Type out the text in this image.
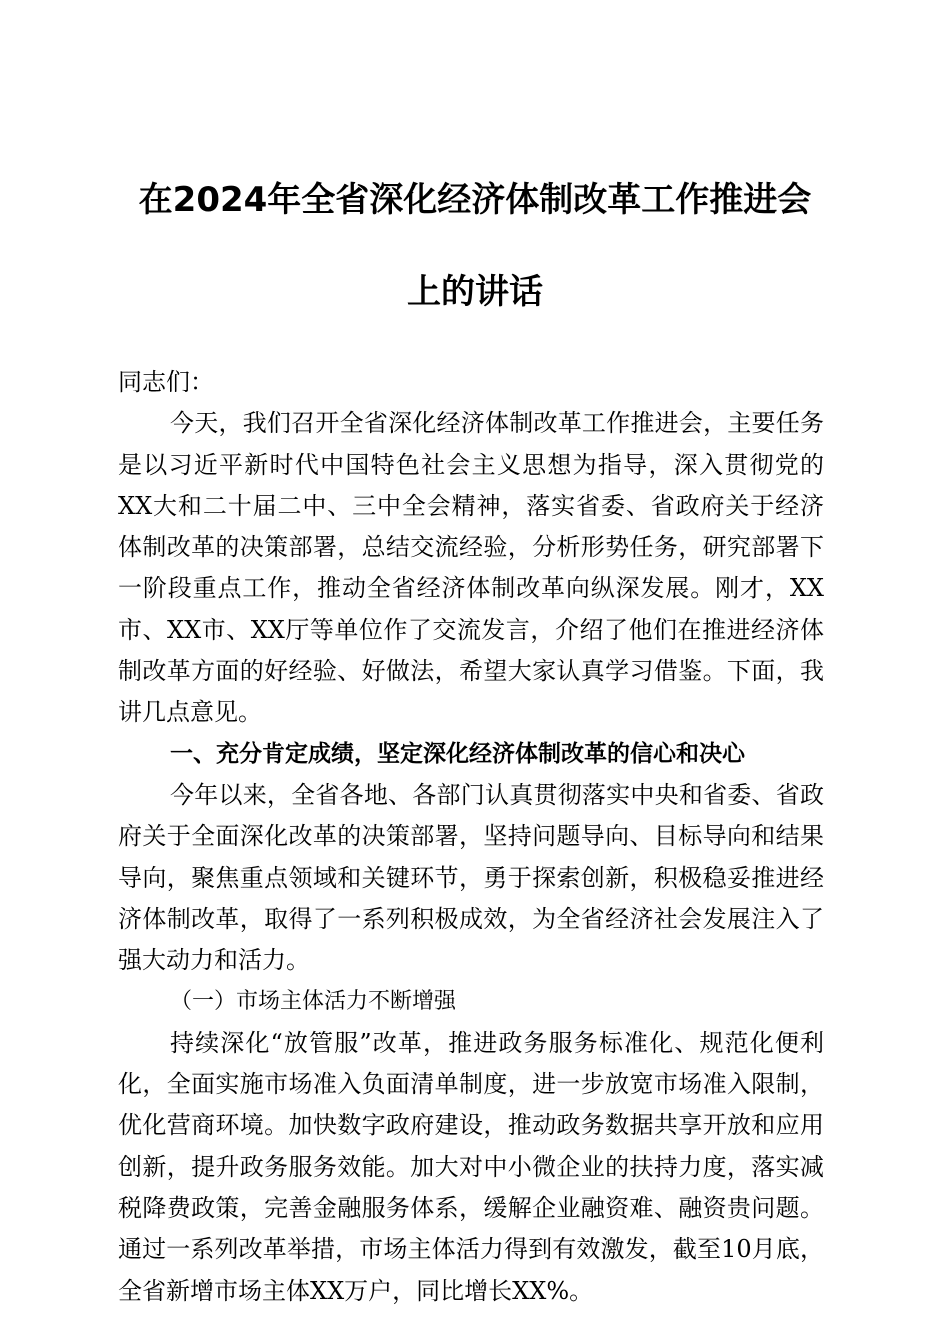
在2024年全省深化经济体制改革工作推进会
上的讲话

同志们：

今天，我们召开全省深化经济体制改革工作推进会，主要任务是以习近平新时代中国特色社会主义思想为指导，深入贯彻党的XX大和二十届二中、三中全会精神，落实省委、省政府关于经济体制改革的决策部署，总结交流经验，分析形势任务，研究部署下一阶段重点工作，推动全省经济体制改革向纵深发展。刚才，XX市、XX市、XX厅等单位作了交流发言，介绍了他们在推进经济体制改革方面的好经验、好做法，希望大家认真学习借鉴。下面，我讲几点意见。

一、充分肯定成绩，坚定深化经济体制改革的信心和决心

今年以来，全省各地、各部门认真贯彻落实中央和省委、省政府关于全面深化改革的决策部署，坚持问题导向、目标导向和结果导向，聚焦重点领域和关键环节，勇于探索创新，积极稳妥推进经济体制改革，取得了一系列积极成效，为全省经济社会发展注入了强大动力和活力。

（一）市场主体活力不断增强

持续深化“放管服”改革，推进政务服务标准化、规范化便利化，全面实施市场准入负面清单制度，进一步放宽市场准入限制，优化营商环境。加快数字政府建设，推动政务数据共享开放和应用创新，提升政务服务效能。加大对中小微企业的扶持力度，落实减税降费政策，完善金融服务体系，缓解企业融资难、融资贵问题。通过一系列改革举措，市场主体活力得到有效激发，截至10月底，全省新增市场主体XX万户，同比增长XX%。
